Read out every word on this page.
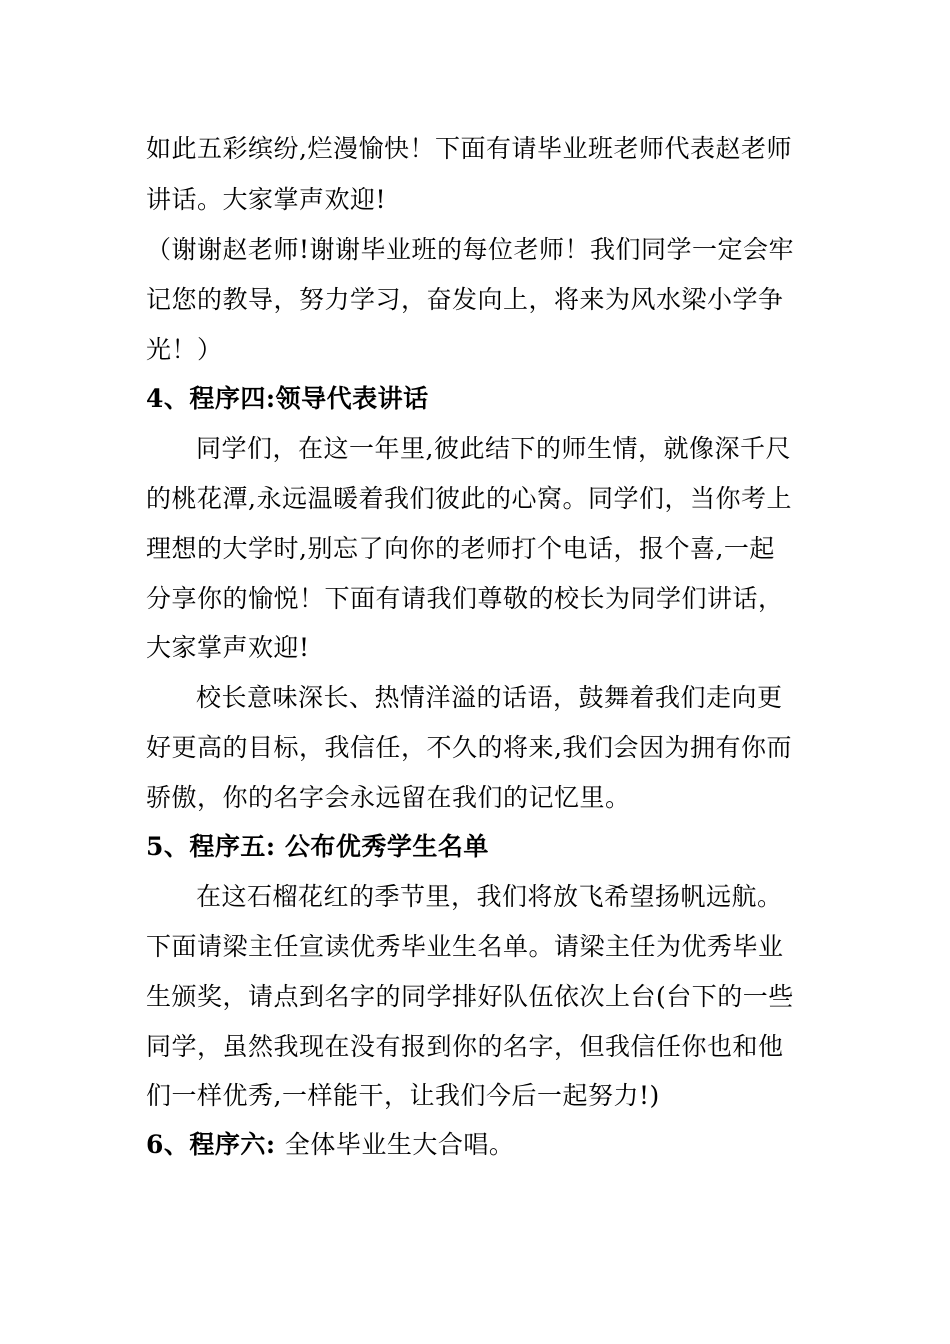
如此五彩缤纷,烂漫愉快！下面有请毕业班老师代表赵老师
讲话。大家掌声欢迎!
（谢谢赵老师!谢谢毕业班的每位老师！我们同学一定会牢
记您的教导，努力学习，奋发向上，将来为风水梁小学争
光！）
4、程序四:领导代表讲话
同学们，在这一年里,彼此结下的师生情，就像深千尺
的桃花潭,永远温暖着我们彼此的心窝。同学们，当你考上
理想的大学时,别忘了向你的老师打个电话，报个喜,一起
分享你的愉悦！下面有请我们尊敬的校长为同学们讲话，
大家掌声欢迎!
校长意味深长、热情洋溢的话语，鼓舞着我们走向更
好更高的目标，我信任，不久的将来,我们会因为拥有你而
骄傲，你的名字会永远留在我们的记忆里。
5、程序五: 公布优秀学生名单
在这石榴花红的季节里，我们将放飞希望扬帆远航。
下面请梁主任宣读优秀毕业生名单。请梁主任为优秀毕业
生颁奖，请点到名字的同学排好队伍依次上台(台下的一些
同学，虽然我现在没有报到你的名字，但我信任你也和他
们一样优秀,一样能干，让我们今后一起努力!)
6、程序六: 全体毕业生大合唱。
